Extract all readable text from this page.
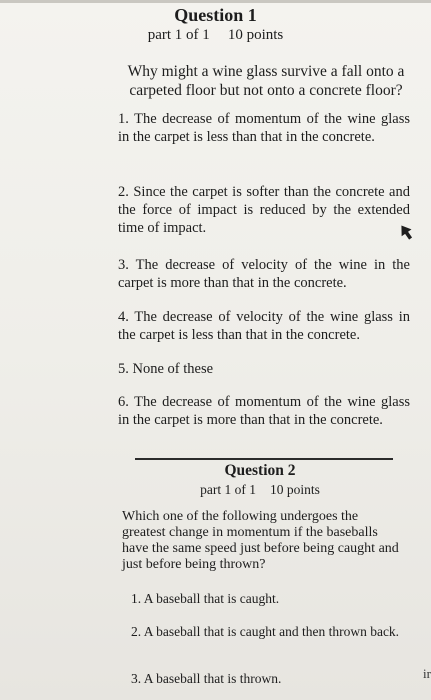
Question 1
part 1 of 1 10 points
Why might a wine glass survive a fall onto a carpeted floor but not onto a concrete floor?
1. The decrease of momentum of the wine glass in the carpet is less than that in the concrete.
2. Since the carpet is softer than the concrete and the force of impact is reduced by the extended time of impact.
3. The decrease of velocity of the wine in the carpet is more than that in the concrete.
4. The decrease of velocity of the wine glass in the carpet is less than that in the concrete.
5. None of these
6. The decrease of momentum of the wine glass in the carpet is more than that in the concrete.
Question 2
part 1 of 1 10 points
Which one of the following undergoes the greatest change in momentum if the baseballs have the same speed just before being caught and just before being thrown?
1. A baseball that is caught.
2. A baseball that is caught and then thrown back.
3. A baseball that is thrown.	ir
